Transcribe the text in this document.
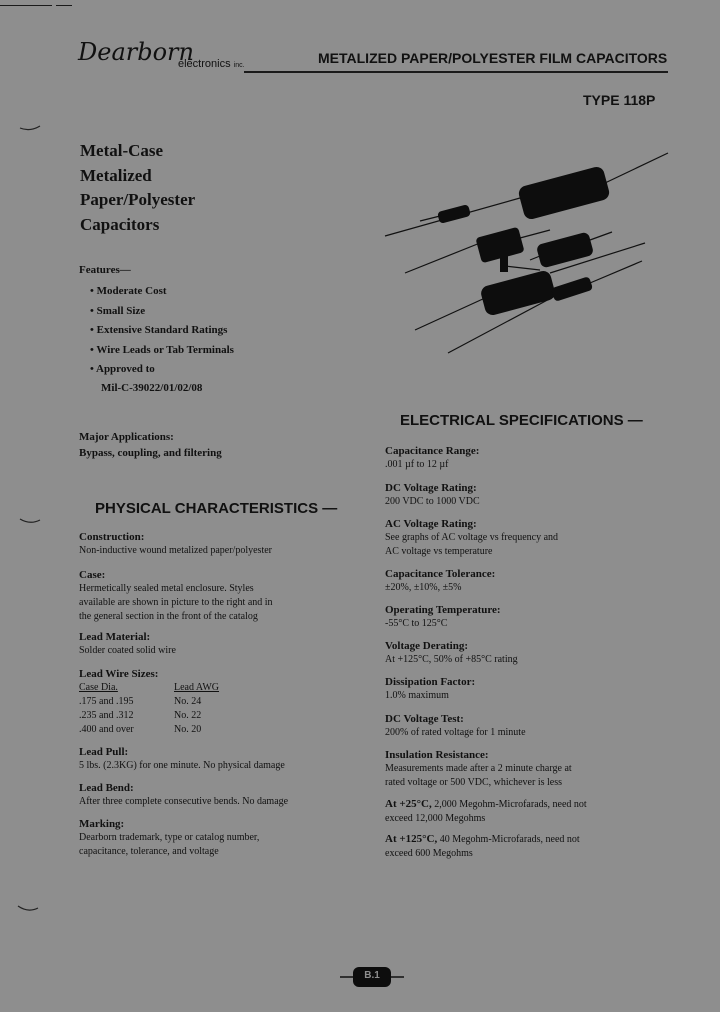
Dearborn
electronics inc.	METALIZED PAPER/POLYESTER FILM CAPACITORS
TYPE 118P
Metal-Case
Metalized
Paper/Polyester
Capacitors
Features—
• Moderate Cost
• Small Size
• Extensive Standard Ratings
• Wire Leads or Tab Terminals
• Approved to
Mil-C-39022/01/02/08
Major Applications:
Bypass, coupling, and filtering
PHYSICAL CHARACTERISTICS —
Construction:
Non-inductive wound metalized paper/polyester
Case:
Hermetically sealed metal enclosure. Styles
available are shown in picture to the right and in
the general section in the front of the catalog
Lead Material:
Solder coated solid wire
Lead Wire Sizes:
Case Dia.	Lead AWG
.175 and .195	No. 24
.235 and .312	No. 22
.400 and over	No. 20
Lead Pull:
5 lbs. (2.3KG) for one minute. No physical damage
Lead Bend:
After three complete consecutive bends. No damage
Marking:
Dearborn trademark, type or catalog number,
capacitance, tolerance, and voltage
ELECTRICAL SPECIFICATIONS —
Capacitance Range:
.001 µf to 12 µf
DC Voltage Rating:
200 VDC to 1000 VDC
AC Voltage Rating:
See graphs of AC voltage vs frequency and
AC voltage vs temperature
Capacitance Tolerance:
±20%, ±10%, ±5%
Operating Temperature:
-55°C to 125°C
Voltage Derating:
At +125°C, 50% of +85°C rating
Dissipation Factor:
1.0% maximum
DC Voltage Test:
200% of rated voltage for 1 minute
Insulation Resistance:
Measurements made after a 2 minute charge at
rated voltage or 500 VDC, whichever is less
At +25°C, 2,000 Megohm-Microfarads, need not
exceed 12,000 Megohms
At +125°C, 40 Megohm-Microfarads, need not
exceed 600 Megohms
B.1
